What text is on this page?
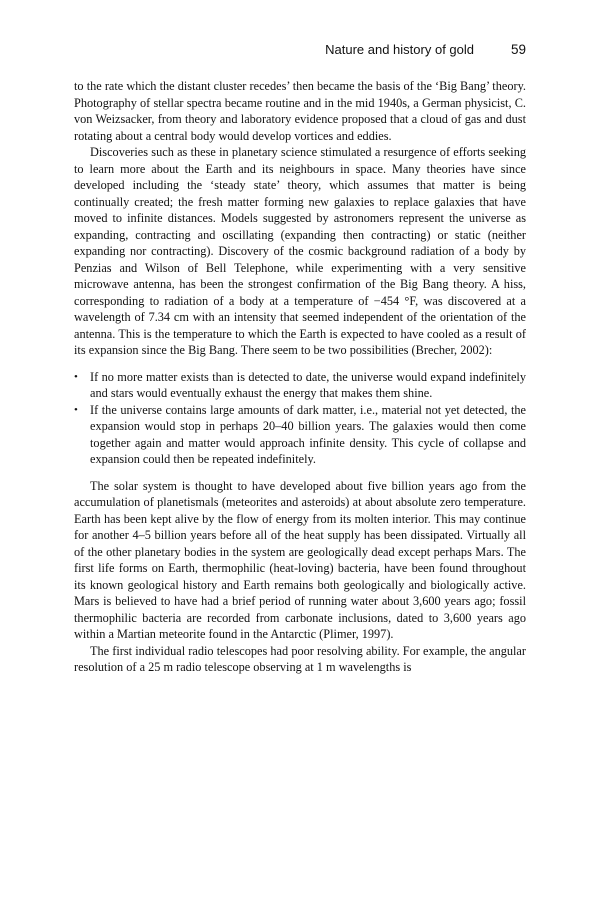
Nature and history of gold	59

to the rate which the distant cluster recedes’ then became the basis of the ‘Big Bang’ theory. Photography of stellar spectra became routine and in the mid 1940s, a German physicist, C. von Weizsacker, from theory and laboratory evidence proposed that a cloud of gas and dust rotating about a central body would develop vortices and eddies.

Discoveries such as these in planetary science stimulated a resurgence of efforts seeking to learn more about the Earth and its neighbours in space. Many theories have since developed including the ‘steady state’ theory, which assumes that matter is being continually created; the fresh matter forming new galaxies to replace galaxies that have moved to infinite distances. Models suggested by astronomers represent the universe as expanding, contracting and oscillating (expanding then contracting) or static (neither expanding nor contracting). Discovery of the cosmic background radiation of a body by Penzias and Wilson of Bell Telephone, while experimenting with a very sensitive microwave antenna, has been the strongest confirmation of the Big Bang theory. A hiss, corresponding to radiation of a body at a temperature of −454 °F, was discovered at a wavelength of 7.34 cm with an intensity that seemed independent of the orientation of the antenna. This is the temperature to which the Earth is expected to have cooled as a result of its expansion since the Big Bang. There seem to be two possibilities (Brecher, 2002):

• If no more matter exists than is detected to date, the universe would expand indefinitely and stars would eventually exhaust the energy that makes them shine.
• If the universe contains large amounts of dark matter, i.e., material not yet detected, the expansion would stop in perhaps 20–40 billion years. The galaxies would then come together again and matter would approach infinite density. This cycle of collapse and expansion could then be repeated indefinitely.

The solar system is thought to have developed about five billion years ago from the accumulation of planetismals (meteorites and asteroids) at about absolute zero temperature. Earth has been kept alive by the flow of energy from its molten interior. This may continue for another 4–5 billion years before all of the heat supply has been dissipated. Virtually all of the other planetary bodies in the system are geologically dead except perhaps Mars. The first life forms on Earth, thermophilic (heat-loving) bacteria, have been found throughout its known geological history and Earth remains both geologically and biologically active. Mars is believed to have had a brief period of running water about 3,600 years ago; fossil thermophilic bacteria are recorded from carbonate inclusions, dated to 3,600 years ago within a Martian meteorite found in the Antarctic (Plimer, 1997).

The first individual radio telescopes had poor resolving ability. For example, the angular resolution of a 25 m radio telescope observing at 1 m wavelengths is
